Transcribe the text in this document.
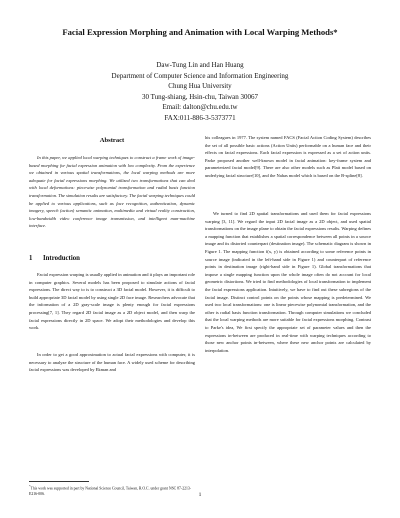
Facial Expression Morphing and Animation with Local Warping Methods*
Daw-Tung Lin and Han Huang
Department of Computer Science and Information Engineering
Chung Hua University
30 Tung-shiang, Hsin-chu, Taiwan 30067
Email: dalton@chu.edu.tw
FAX:011-886-3-5373771
Abstract

In this paper, we applied local warping techniques to construct a frame work of image-based morphing for facial expression animation with low complexity. From the experience we obtained in various spatial transformations, the local warping methods are more adequate for facial expressions morphing. We utilized two transformations that can deal with local deformations: piecewise polynomial transformation and radial basis function transformation. The simulation results are satisfactory. The facial warping techniques could be applied to various applications, such as face recognition, authentication, dynamic imagery, speech (action) semantic animation, multimedia and virtual reality construction, low-bandwidth video conference image transmission, and intelligent man-machine interface.

1 Introduction

Facial expression warping is usually applied in animation and it plays an important role in computer graphics. Several models has been proposed to simulate actions of facial expressions. The direct way to is to construct a 3D facial model. However, it is difficult to build appropriate 3D facial model by using single 2D face image. Researchers advocate that the information of a 2D gray-scale image is plenty enough for facial expressions processing[7, 1]. They regard 2D facial image as a 2D object model, and then warp the facial expressions directly in 2D space. We adopt their methodologies and develop this work.

In order to get a good approximation to actual facial expressions with computer, it is necessary to analyze the structure of the human face. A widely used scheme for describing facial expressions was developed by Ekman and

*This work was supported in part by National Science Council, Taiwan, R.O.C. under grant NSC 87-2213-E216-006.

his colleagues in 1977. The system named FACS (Facial Action Coding System) describes the set of all possible basic actions (Action Units) performable on a human face and their effects on facial expressions. Each facial expression is expressed as a set of action units. Parke proposed another well-known model in facial animation: key-frame system and parameterized facial model[9]. There are also other models such as Platt model based on underlying facial structure[10], and the Nahas model which is based on the B-spline[8].

We turned to find 2D spatial transformations and used them for facial expressions warping [3, 11]. We regard the input 2D facial image as a 2D object, and used spatial transformations on the image plane to obtain the facial expressions results. Warping defines a mapping function that establishes a spatial correspondence between all points in a source image and its distorted counterpart (destination image). The schematic diagram is shown in Figure 1. The mapping function f(x, y) is obtained according to some reference points in source image (indicated in the left-hand side in Figure 1) and counterpart of reference points in destination image (right-hand side in Figure 1). Global transformations that impose a single mapping function upon the whole image often do not account for local geometric distortions. We tried to find methodologies of local transformation to implement the facial expressions application. Intuitively, we have to find out these subregions of the facial image. Distinct control points on the points whose mapping is predetermined. We used two local transformations: one is linear piecewise polynomial transformation, and the other is radial basis function transformation. Through computer simulations we concluded that the local warping methods are more suitable for facial expressions morphing. Contrast to Parke's idea, We first specify the appropriate set of parameter values and then the expressions in-between are produced in real-time with warping techniques according to those new anchor points in-between, where these new anchor points are calculated by interpolation.

1
